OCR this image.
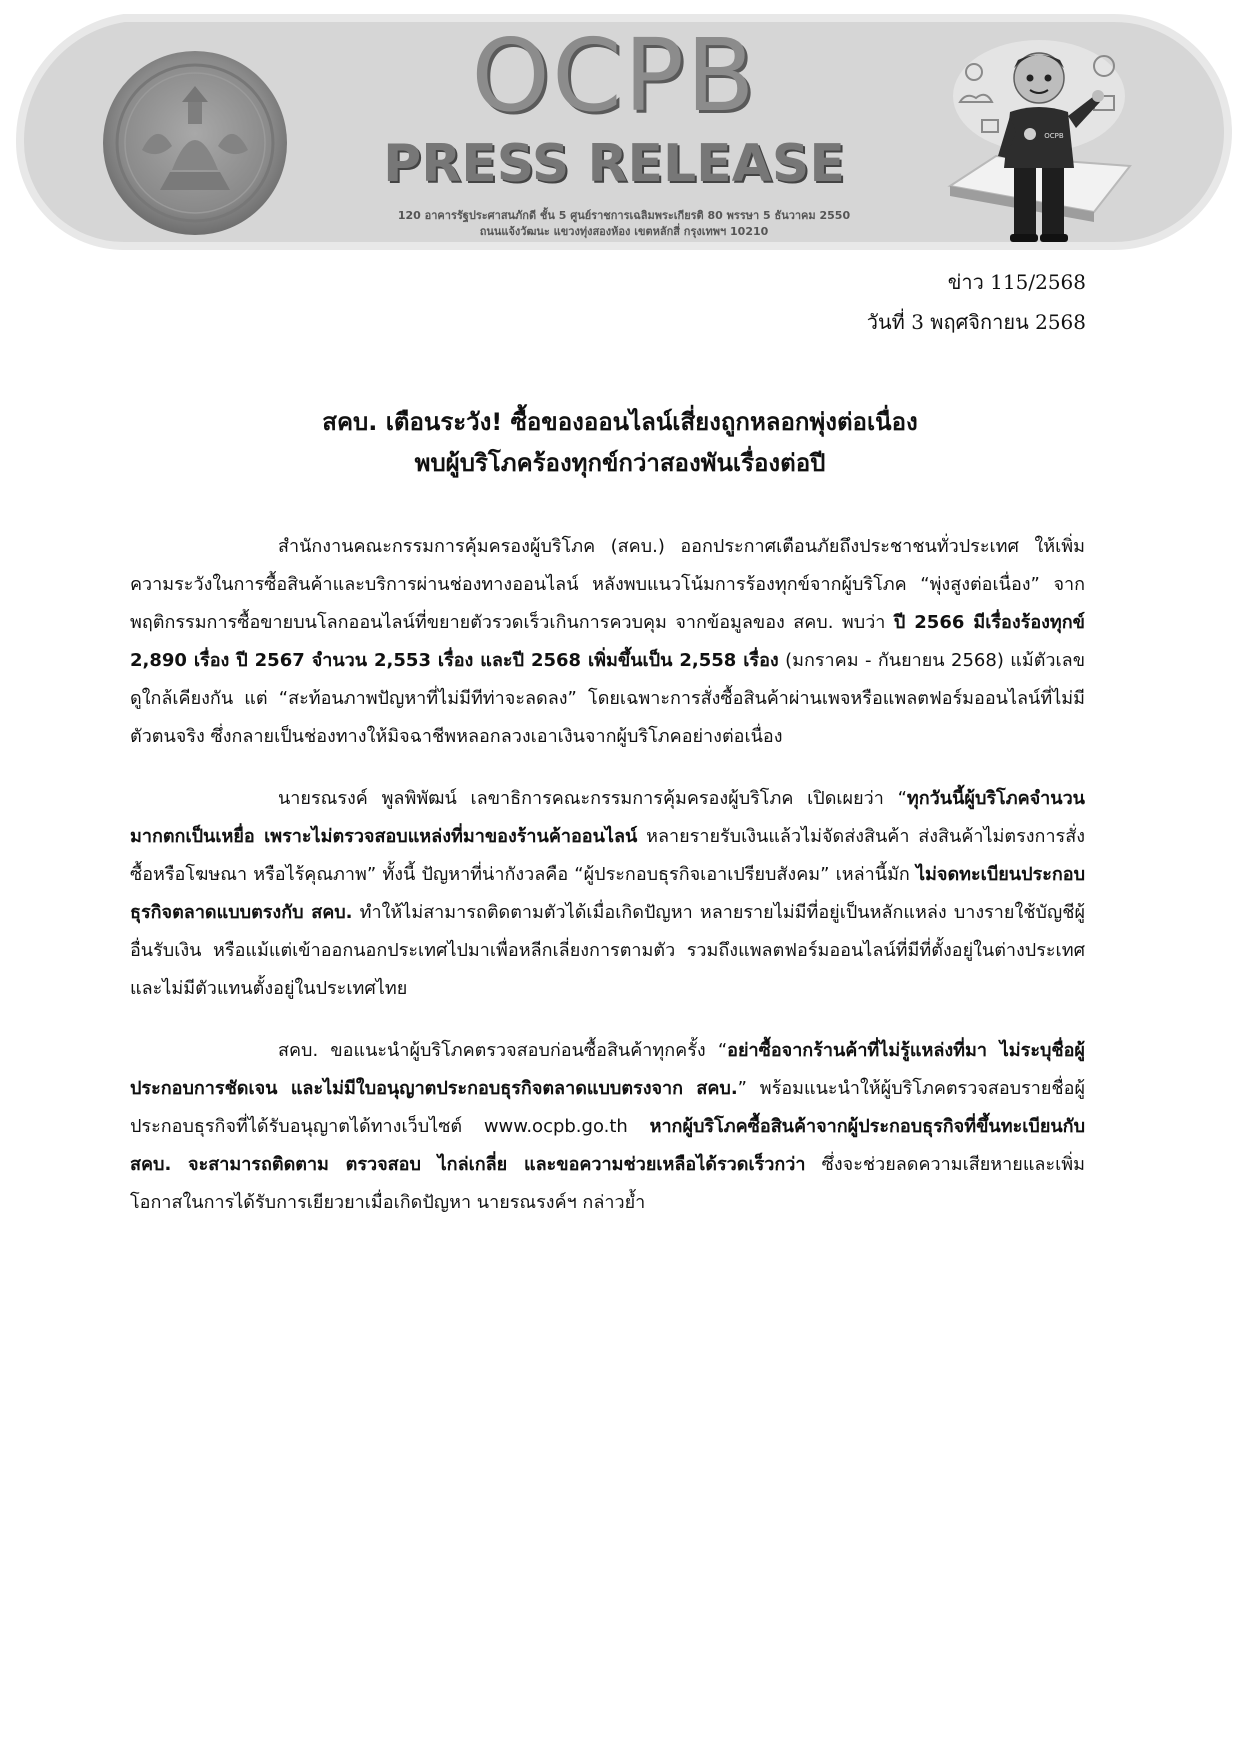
OCPB
PRESS RELEASE
120 อาคารรัฐประศาสนภักดี ชั้น 5 ศูนย์ราชการเฉลิมพระเกียรติ 80 พรรษา 5 ธันวาคม 2550
ถนนแจ้งวัฒนะ แขวงทุ่งสองห้อง เขตหลักสี่ กรุงเทพฯ 10210
OCPB
ข่าว 115/2568
วันที่ 3 พฤศจิกายน 2568
สคบ. เตือนระวัง! ซื้อของออนไลน์เสี่ยงถูกหลอกพุ่งต่อเนื่อง
พบผู้บริโภคร้องทุกข์กว่าสองพันเรื่องต่อปี

สำนักงานคณะกรรมการคุ้มครองผู้บริโภค (สคบ.) ออกประกาศเตือนภัยถึงประชาชนทั่วประเทศ ให้เพิ่มความระวังในการซื้อสินค้าและบริการผ่านช่องทางออนไลน์ หลังพบแนวโน้มการร้องทุกข์จากผู้บริโภค “พุ่งสูงต่อเนื่อง” จากพฤติกรรมการซื้อขายบนโลกออนไลน์ที่ขยายตัวรวดเร็วเกินการควบคุม จากข้อมูลของ สคบ. พบว่า ปี 2566 มีเรื่องร้องทุกข์ 2,890 เรื่อง ปี 2567 จำนวน 2,553 เรื่อง และปี 2568 เพิ่มขึ้นเป็น 2,558 เรื่อง (มกราคม - กันยายน 2568) แม้ตัวเลขดูใกล้เคียงกัน แต่ “สะท้อนภาพปัญหาที่ไม่มีทีท่าจะลดลง” โดยเฉพาะการสั่งซื้อสินค้าผ่านเพจหรือแพลตฟอร์มออนไลน์ที่ไม่มีตัวตนจริง ซึ่งกลายเป็นช่องทางให้มิจฉาชีพหลอกลวงเอาเงินจากผู้บริโภคอย่างต่อเนื่อง

นายรณรงค์ พูลพิพัฒน์ เลขาธิการคณะกรรมการคุ้มครองผู้บริโภค เปิดเผยว่า “ทุกวันนี้ผู้บริโภคจำนวนมากตกเป็นเหยื่อ เพราะไม่ตรวจสอบแหล่งที่มาของร้านค้าออนไลน์ หลายรายรับเงินแล้วไม่จัดส่งสินค้า ส่งสินค้าไม่ตรงการสั่งซื้อหรือโฆษณา หรือไร้คุณภาพ” ทั้งนี้ ปัญหาที่น่ากังวลคือ “ผู้ประกอบธุรกิจเอาเปรียบสังคม” เหล่านี้มัก ไม่จดทะเบียนประกอบธุรกิจตลาดแบบตรงกับ สคบ. ทำให้ไม่สามารถติดตามตัวได้เมื่อเกิดปัญหา หลายรายไม่มีที่อยู่เป็นหลักแหล่ง บางรายใช้บัญชีผู้อื่นรับเงิน หรือแม้แต่เข้าออกนอกประเทศไปมาเพื่อหลีกเลี่ยงการตามตัว รวมถึงแพลตฟอร์มออนไลน์ที่มีที่ตั้งอยู่ในต่างประเทศและไม่มีตัวแทนตั้งอยู่ในประเทศไทย

สคบ. ขอแนะนำผู้บริโภคตรวจสอบก่อนซื้อสินค้าทุกครั้ง “อย่าซื้อจากร้านค้าที่ไม่รู้แหล่งที่มา ไม่ระบุชื่อผู้ประกอบการชัดเจน และไม่มีใบอนุญาตประกอบธุรกิจตลาดแบบตรงจาก สคบ.” พร้อมแนะนำให้ผู้บริโภคตรวจสอบรายชื่อผู้ประกอบธุรกิจที่ได้รับอนุญาตได้ทางเว็บไซต์ www.ocpb.go.th หากผู้บริโภคซื้อสินค้าจากผู้ประกอบธุรกิจที่ขึ้นทะเบียนกับ สคบ. จะสามารถติดตาม ตรวจสอบ ไกล่เกลี่ย และขอความช่วยเหลือได้รวดเร็วกว่า ซึ่งจะช่วยลดความเสียหายและเพิ่มโอกาสในการได้รับการเยียวยาเมื่อเกิดปัญหา นายรณรงค์ฯ กล่าวย้ำ
